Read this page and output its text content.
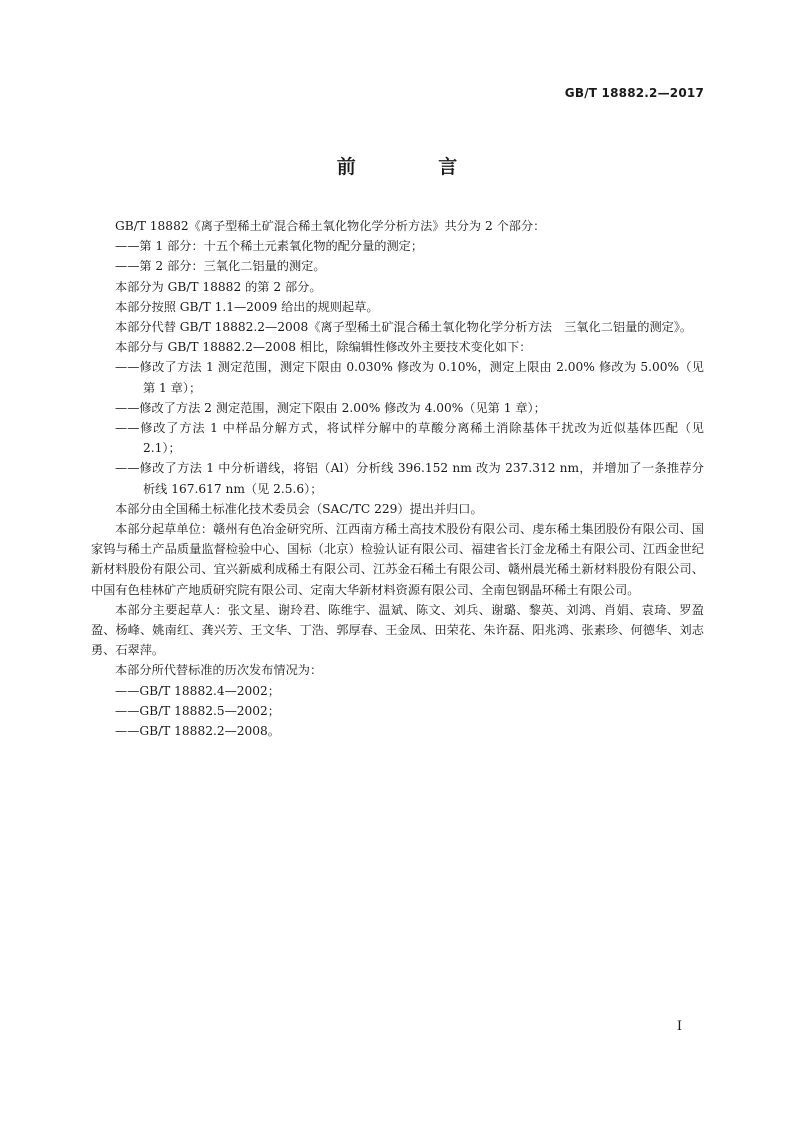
GB/T 18882.2—2017
前 言

GB/T 18882《离子型稀土矿混合稀土氧化物化学分析方法》共分为 2 个部分：

——第 1 部分：十五个稀土元素氧化物的配分量的测定；

——第 2 部分：三氧化二铝量的测定。

本部分为 GB/T 18882 的第 2 部分。

本部分按照 GB/T 1.1—2009 给出的规则起草。

本部分代替 GB/T 18882.2—2008《离子型稀土矿混合稀土氧化物化学分析方法　三氧化二铝量的测定》。

本部分与 GB/T 18882.2—2008 相比，除编辑性修改外主要技术变化如下：

——修改了方法 1 测定范围，测定下限由 0.030% 修改为 0.10%，测定上限由 2.00% 修改为 5.00%（见第 1 章）；

——修改了方法 2 测定范围，测定下限由 2.00% 修改为 4.00%（见第 1 章）；

——修改了方法 1 中样品分解方式，将试样分解中的草酸分离稀土消除基体干扰改为近似基体匹配（见 2.1）；

——修改了方法 1 中分析谱线，将铝（Al）分析线 396.152 nm 改为 237.312 nm，并增加了一条推荐分析线 167.617 nm（见 2.5.6）；

本部分由全国稀土标准化技术委员会（SAC/TC 229）提出并归口。

本部分起草单位：赣州有色冶金研究所、江西南方稀土高技术股份有限公司、虔东稀土集团股份有限公司、国家钨与稀土产品质量监督检验中心、国标（北京）检验认证有限公司、福建省长汀金龙稀土有限公司、江西金世纪新材料股份有限公司、宜兴新威利成稀土有限公司、江苏金石稀土有限公司、赣州晨光稀土新材料股份有限公司、中国有色桂林矿产地质研究院有限公司、定南大华新材料资源有限公司、全南包钢晶环稀土有限公司。

本部分主要起草人：张文星、谢玲君、陈维宇、温斌、陈文、刘兵、谢璐、黎英、刘鸿、肖娟、袁琦、罗盈盈、杨峰、姚南红、龚兴芳、王文华、丁浩、郭厚春、王金凤、田荣花、朱许磊、阳兆鸿、张素珍、何德华、刘志勇、石翠萍。

本部分所代替标准的历次发布情况为：

——GB/T 18882.4—2002；

——GB/T 18882.5—2002；

——GB/T 18882.2—2008。

I
